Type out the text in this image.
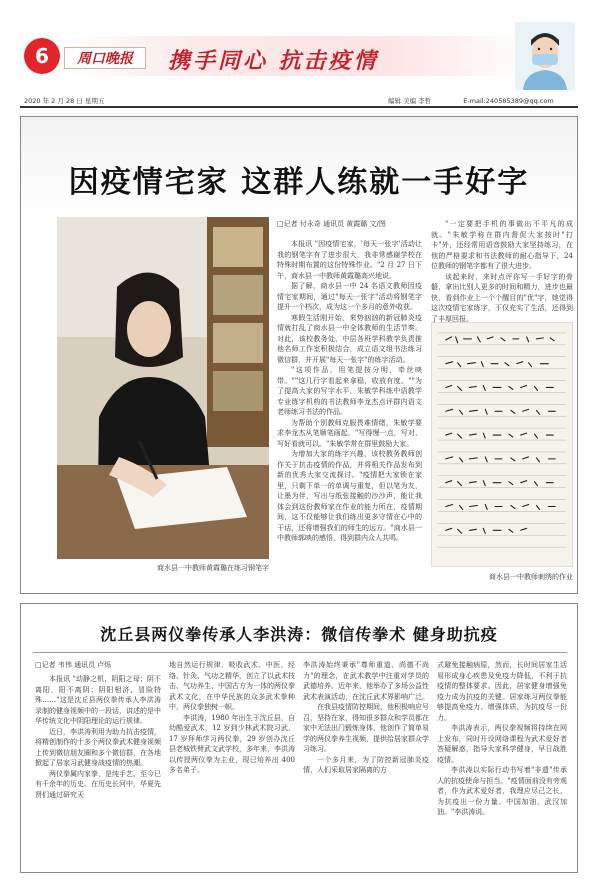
6	周口晚报	携手同心 抗击疫情
2020 年 2 月 28 日 星期五	编辑 美编 李哲	E-mail:240585389@qq.com
因疫情宅家 这群人练就一手好字
商水县一中教师黄霞璐在练习钢笔字
□记者 付永奇 通讯员 黄霞璐 文/图

本报讯 "因疫情宅家，'每天一张字'活动让我的钢笔字有了进步很大，我非常感谢学校在特殊时期布置的这份特殊作业。"2 月 27 日下午，商水县一中教师黄霞璐高兴地说。

据了解，商水县一中 24 名语文教师因疫情宅家期间，通过"每天一张字"活动将钢笔字提升一个档次，成为这一个多月的意外收获。

寒假生活刚开始，来势汹汹的新冠肺炎疫情就打乱了商水县一中全体教师的生活节奏。对此，该校教务处、中层各班学科教学负责推他名师工作室积极结合，成立语文组书法练习微信群，并开展"每天一张字"的练字活动。

"这项作品，用笔提按分明，牵丝映带。""这几行字看起来拿稳，收放有度。""为了提高大家的写字水平，朱敏学科练中语教学专业练字机构的书法教师李龙杰点评群内语文老师练习书法的作品。

为帮助个别教师克服畏难情绪，朱敏学要求李龙杰从笔顺笔画起，"写得慢一点，写对、写好看就可以。"朱敏学常在群里鼓励大家。

为增加大家的练字兴趣，该校教务教师创作关于抗击疫情的作品，并将相关作品发布到新的优秀大家交流探讨。"疫情把大家锁在家里，只剩下单一的单调与重复，但以笔为友，让墨为伴，写出与纸张接触的沙沙声，能让我体会到这份教师家在作业的能力所在，疫情期间，这不仅能够让我们练出更多守情在心中的干话，还将增强我们的师生的远方。"商水县一中教师郭映的感悟，得到群内众人共鸣。

"一定要把手机的事做出不平凡的成就。"朱敏学称在群内督促大家按时"打卡"外，还经常用语音鼓励大家坚持练习，在他的严格要求和书法教师的耐心指导下，24 位教师的钢笔字都有了很大进步。

谈起来时，来时点评你写一手好字的骨骼，拿出比别人更多的时间和精力，进步也最快，看到作业上一个个醒目的"优"字，她觉得这次疫情宅家练字，不仅充实了生活，还得到了丰厚回报。

商水县一中教师刺绣的作业
沈丘县两仪拳传承人李洪涛：微信传拳术 健身助抗疫
□记者 韦伟 通讯员 卢烁

本报讯 "动静之机，阴阳之母；阴不离阳，阳不离阴；阴阳相济，冒险特殊……"这是沈丘县两仪拳传承人李洪涛录制的健身视频中的一段话，讲述的是中华传统文化中阴阳理论的运行规律。

近日，李洪涛利用为助力抗击疫情，将精创制作的十多个两仪拳武术健身视频上传到微信朋友圈和多个微信群，在各地掀起了居家习武健身战疫情的热潮。

两仪拳属内家拳，是纯手艺，至今已有千余年的历史。在历史长河中，华夏先贤们通过研究天

地自然运行规律，吸收武术、中医、经络、针灸、气功之精华，创立了以武术技击、气功养生、中国古方为一体的两仪拳武术文化，在中华民族的众多武术拳种中，两仪拳独树一帜。

李洪涛，1980 年出生于沈丘县，自幼酷爱武术，12 岁到少林武术院习武，17 岁拜师学习两仪拳，29 岁创办沈丘县老城铁臂武文武学校，多年来，李洪涛以传授两仪拳为主业，现已培养出 400 多名弟子。

李洪涛始终秉承"尊师重道、尚德不尚力"的理念，在武术教学中注重对学员的武德培养。近年来，他举办了多场公益性武术表演活动，在沈丘武术界影响广泛。

在我县疫情防控期间，他积极响应号召，坚持在家，得知很多群众和学员都在家中无法出门锻炼身体，他创作了简单易学的两仪拳养生视频，提供给居家群众学习练习。

一个多月来，为了防控新冠肺炎疫情，人们采取居家隔离的方

式避免接触病原，然而，长时间居家生活易形成身心疾患及免疫力降低，不利于抗疫情的整体要求。因此，居家健身增强免疫力成为抗疫的关键。居家练习两仪拳能够提高免疫力、增强体质，为抗疫尽一份力。

李洪涛表示，两仪拳视频将持续在网上发布，同时开设网络课程为武术爱好者答疑解惑，指导大家科学健身，早日战胜疫情。

李洪涛以实际行动书写着"非遗"传承人的抗疫使命与担当。"疫情面前没有旁观者，作为武术爱好者，我理应尽己之长，为抗疫出一份力量。中国加油，武汉加油。"李洪涛说。
